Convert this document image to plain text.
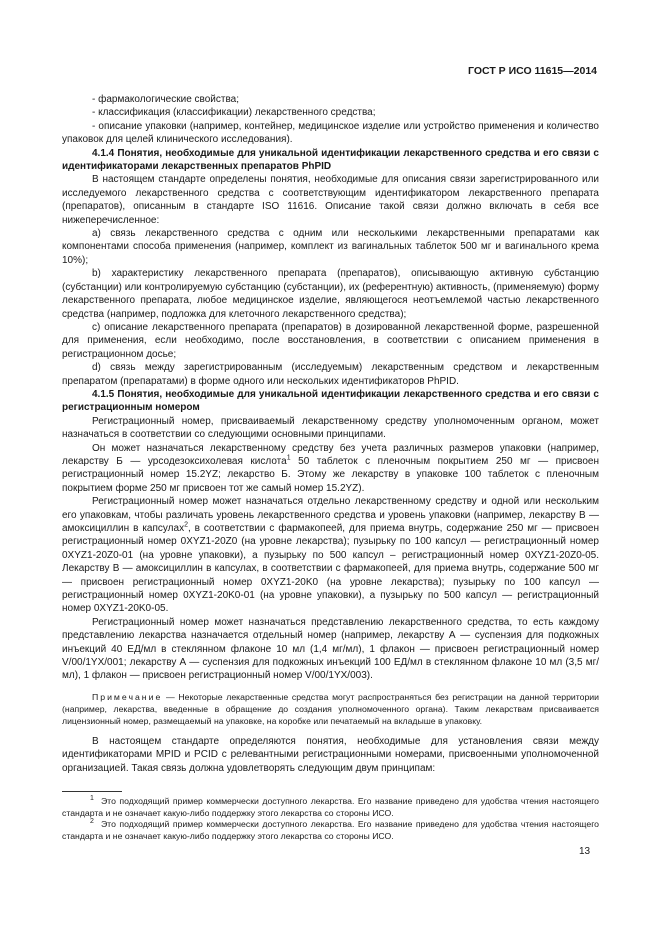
ГОСТ Р ИСО 11615—2014

- фармакологические свойства;

- классификация (классификации) лекарственного средства;

- описание упаковки (например, контейнер, медицинское изделие или устройство применения и количество упаковок для целей клинического исследования).

4.1.4 Понятия, необходимые для уникальной идентификации лекарственного средства и его связи с идентификаторами лекарственных препаратов PhPID

В настоящем стандарте определены понятия, необходимые для описания связи зарегистрированного или исследуемого лекарственного средства с соответствующим идентификатором лекарственного препарата (препаратов), описанным в стандарте ISO 11616. Описание такой связи должно включать в себя все нижеперечисленное:

a) связь лекарственного средства с одним или несколькими лекарственными препаратами как компонентами способа применения (например, комплект из вагинальных таблеток 500 мг и вагинального крема 10%);

b) характеристику лекарственного препарата (препаратов), описывающую активную субстанцию (субстанции) или контролируемую субстанцию (субстанции), их (референтную) активность, (применяемую) форму лекарственного препарата, любое медицинское изделие, являющегося неотъемлемой частью лекарственного средства (например, подложка для клеточного лекарственного средства);

c) описание лекарственного препарата (препаратов) в дозированной лекарственной форме, разрешенной для применения, если необходимо, после восстановления, в соответствии с описанием применения в регистрационном досье;

d) связь между зарегистрированным (исследуемым) лекарственным средством и лекарственным препаратом (препаратами) в форме одного или нескольких идентификаторов PhPID.

4.1.5 Понятия, необходимые для уникальной идентификации лекарственного средства и его связи с регистрационным номером

Регистрационный номер, присваиваемый лекарственному средству уполномоченным органом, может назначаться в соответствии со следующими основными принципами.

Он может назначаться лекарственному средству без учета различных размеров упаковки (например, лекарству Б — урсодезоксихолевая кислота$^1$ 50 таблеток с пленочным покрытием 250 мг — присвоен регистрационный номер 15.2YZ; лекарство Б. Этому же лекарству в упаковке 100 таблеток с пленочным покрытием форме 250 мг присвоен тот же самый номер 15.2YZ).

Регистрационный номер может назначаться отдельно лекарственному средству и одной или нескольким его упаковкам, чтобы различать уровень лекарственного средства и уровень упаковки (например, лекарству В — амоксициллин в капсулах$^2$, в соответствии с фармакопеей, для приема внутрь, содержание 250 мг — присвоен регистрационный номер 0XYZ1-20Z0 (на уровне лекарства); пузырьку по 100 капсул — регистрационный номер 0XYZ1-20Z0-01 (на уровне упаковки), а пузырьку по 500 капсул – регистрационный номер 0XYZ1-20Z0-05. Лекарству В — амоксициллин в капсулах, в соответствии с фармакопеей, для приема внутрь, содержание 500 мг — присвоен регистрационный номер 0XYZ1-20K0 (на уровне лекарства); пузырьку по 100 капсул — регистрационный номер 0XYZ1-20K0-01 (на уровне упаковки), а пузырьку по 500 капсул — регистрационный номер 0XYZ1-20K0-05.

Регистрационный номер может назначаться представлению лекарственного средства, то есть каждому представлению лекарства назначается отдельный номер (например, лекарству А — суспензия для подкожных инъекций 40 ЕД/мл в стеклянном флаконе 10 мл (1,4 мг/мл), 1 флакон — присвоен регистрационный номер V/00/1YX/001; лекарству А — суспензия для подкожных инъекций 100 ЕД/мл в стеклянном флаконе 10 мл (3,5 мг/мл), 1 флакон — присвоен регистрационный номер V/00/1YX/003).

Примечание — Некоторые лекарственные средства могут распространяться без регистрации на данной территории (например, лекарства, введенные в обращение до создания уполномоченного органа). Таким лекарствам присваивается лицензионный номер, размещаемый на упаковке, на коробке или печатаемый на вкладыше в упаковку.

В настоящем стандарте определяются понятия, необходимые для установления связи между идентификаторами MPID и PCID с релевантными регистрационными номерами, присвоенными уполномоченной организацией. Такая связь должна удовлетворять следующим двум принципам:

$^1$ Это подходящий пример коммерчески доступного лекарства. Его название приведено для удобства чтения настоящего стандарта и не означает какую-либо поддержку этого лекарства со стороны ИСО.

$^2$ Это подходящий пример коммерчески доступного лекарства. Его название приведено для удобства чтения настоящего стандарта и не означает какую-либо поддержку этого лекарства со стороны ИСО.

13
